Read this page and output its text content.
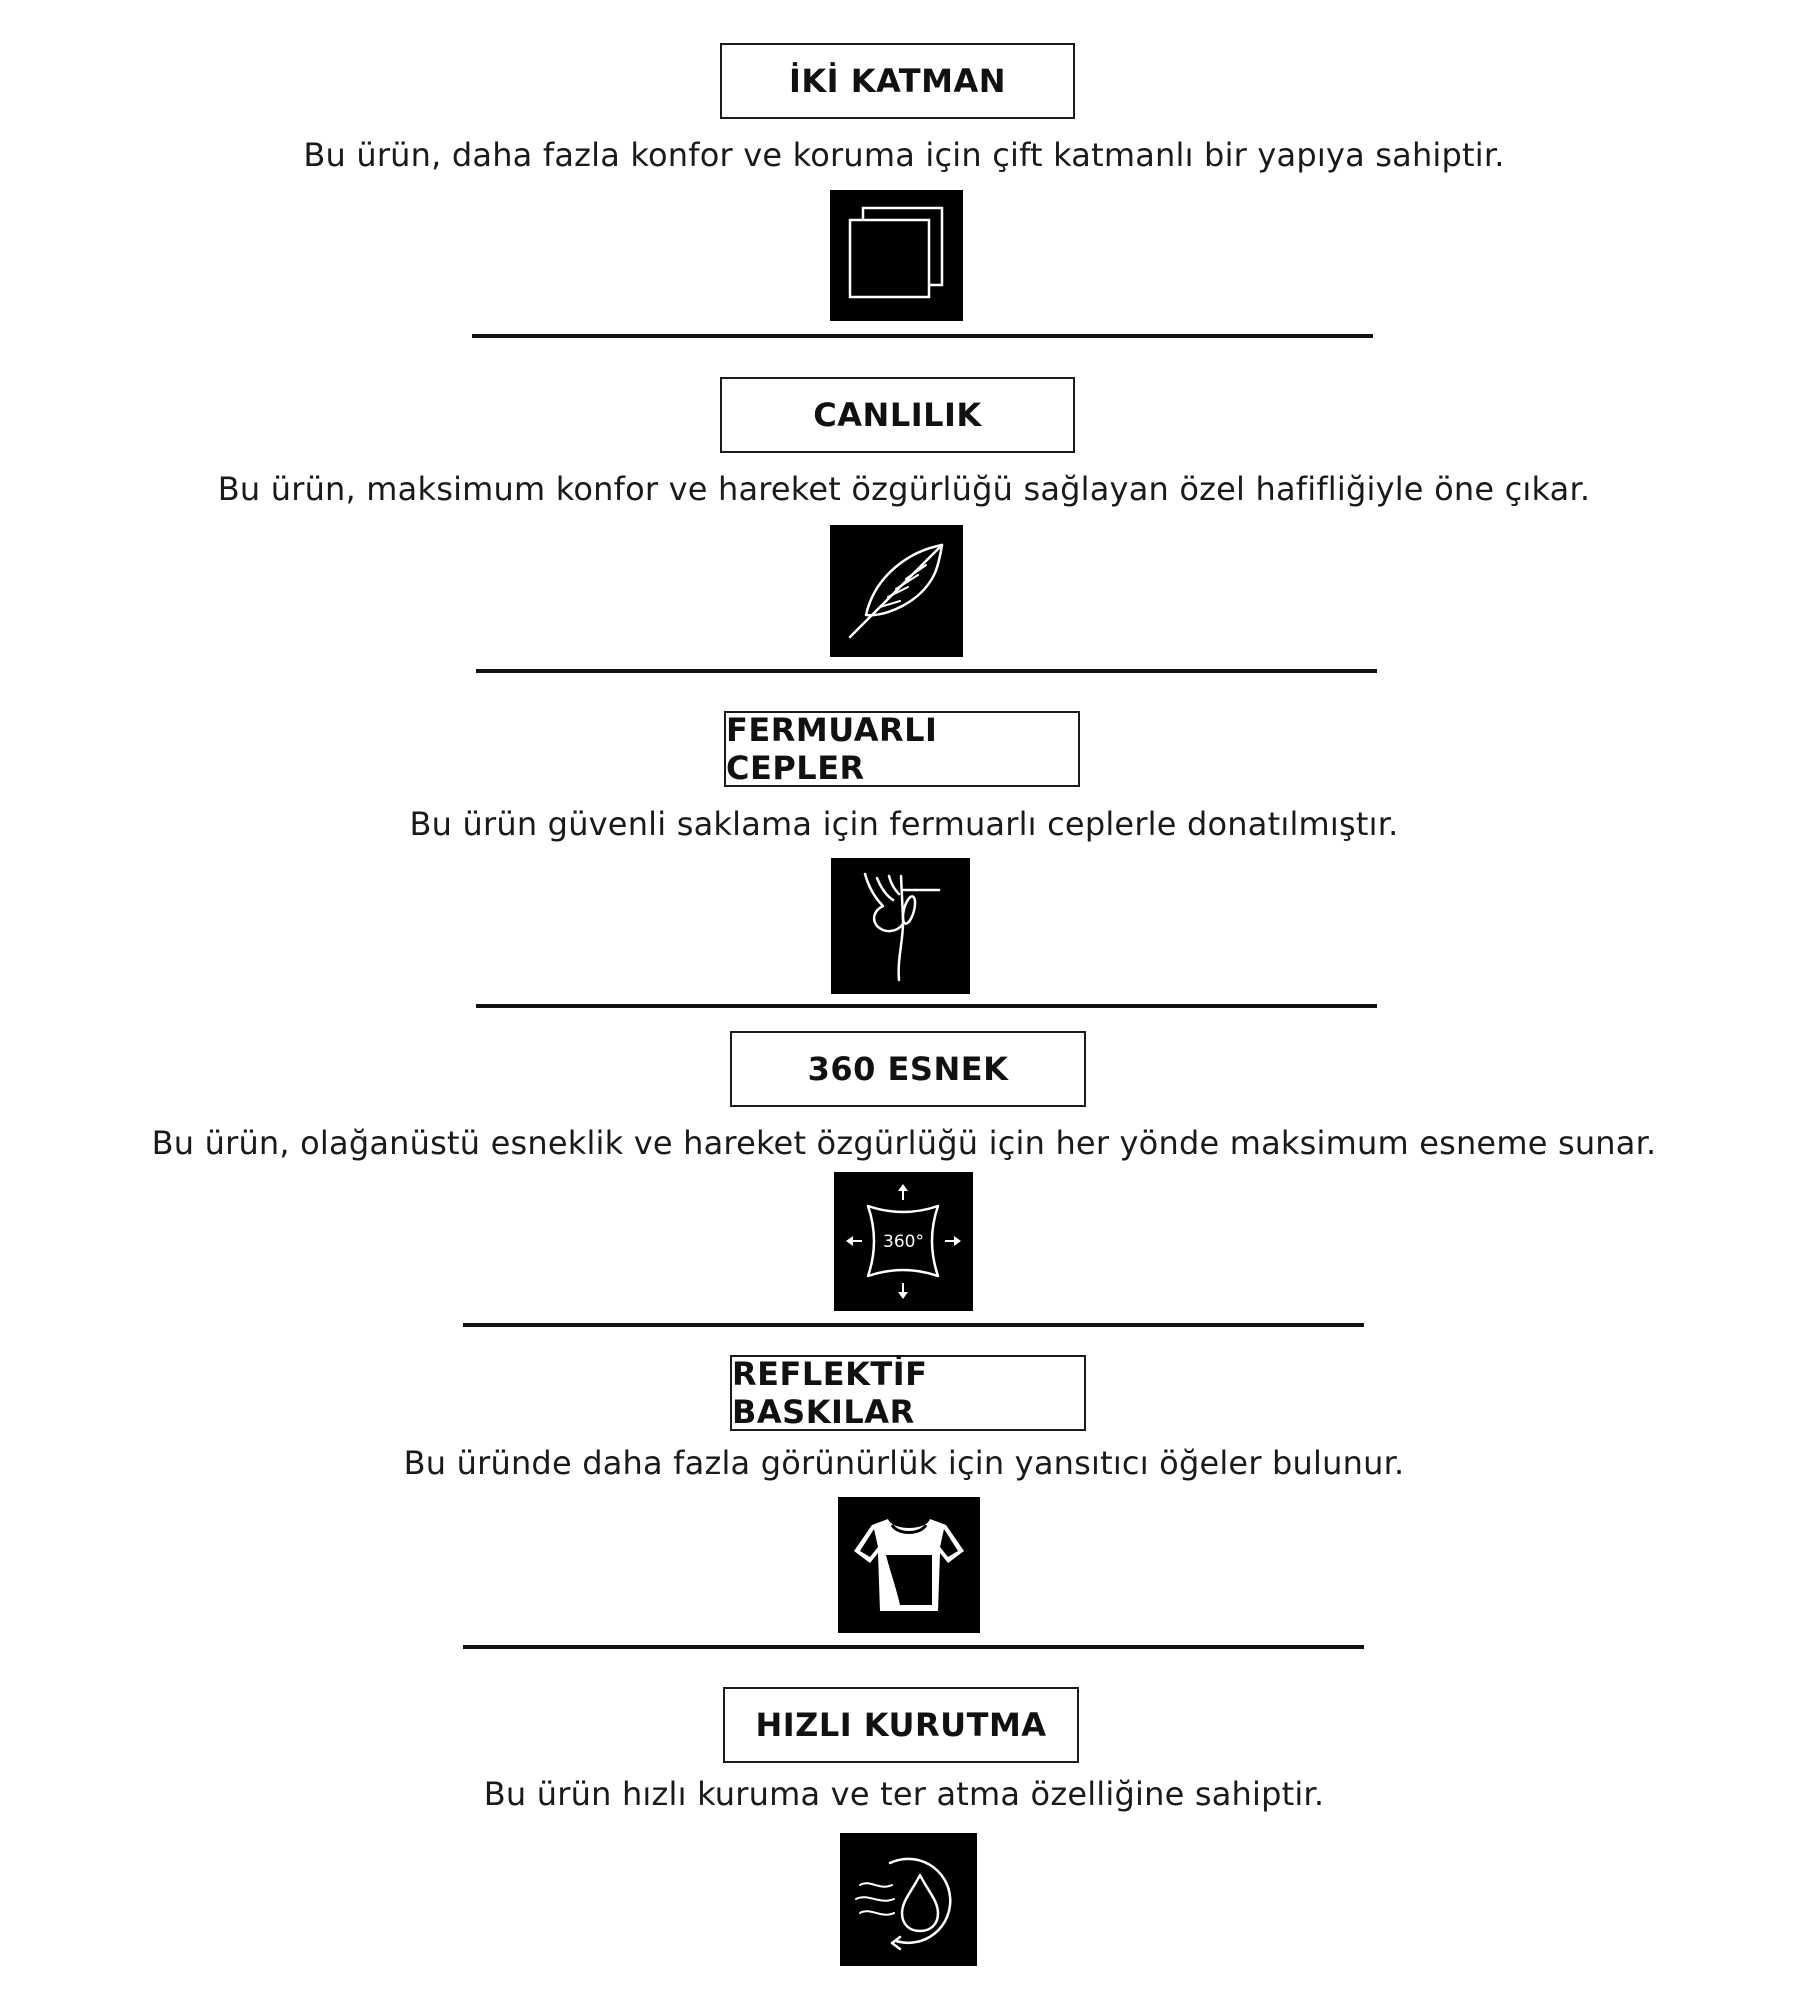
İKİ KATMAN
Bu ürün, daha fazla konfor ve koruma için çift katmanlı bir yapıya sahiptir.
CANLILIK
Bu ürün, maksimum konfor ve hareket özgürlüğü sağlayan özel hafifliğiyle öne çıkar.
FERMUARLI CEPLER
Bu ürün güvenli saklama için fermuarlı ceplerle donatılmıştır.
360 ESNEK
Bu ürün, olağanüstü esneklik ve hareket özgürlüğü için her yönde maksimum esneme sunar.
360°
REFLEKTİF BASKILAR
Bu üründe daha fazla görünürlük için yansıtıcı öğeler bulunur.
HIZLI KURUTMA
Bu ürün hızlı kuruma ve ter atma özelliğine sahiptir.
